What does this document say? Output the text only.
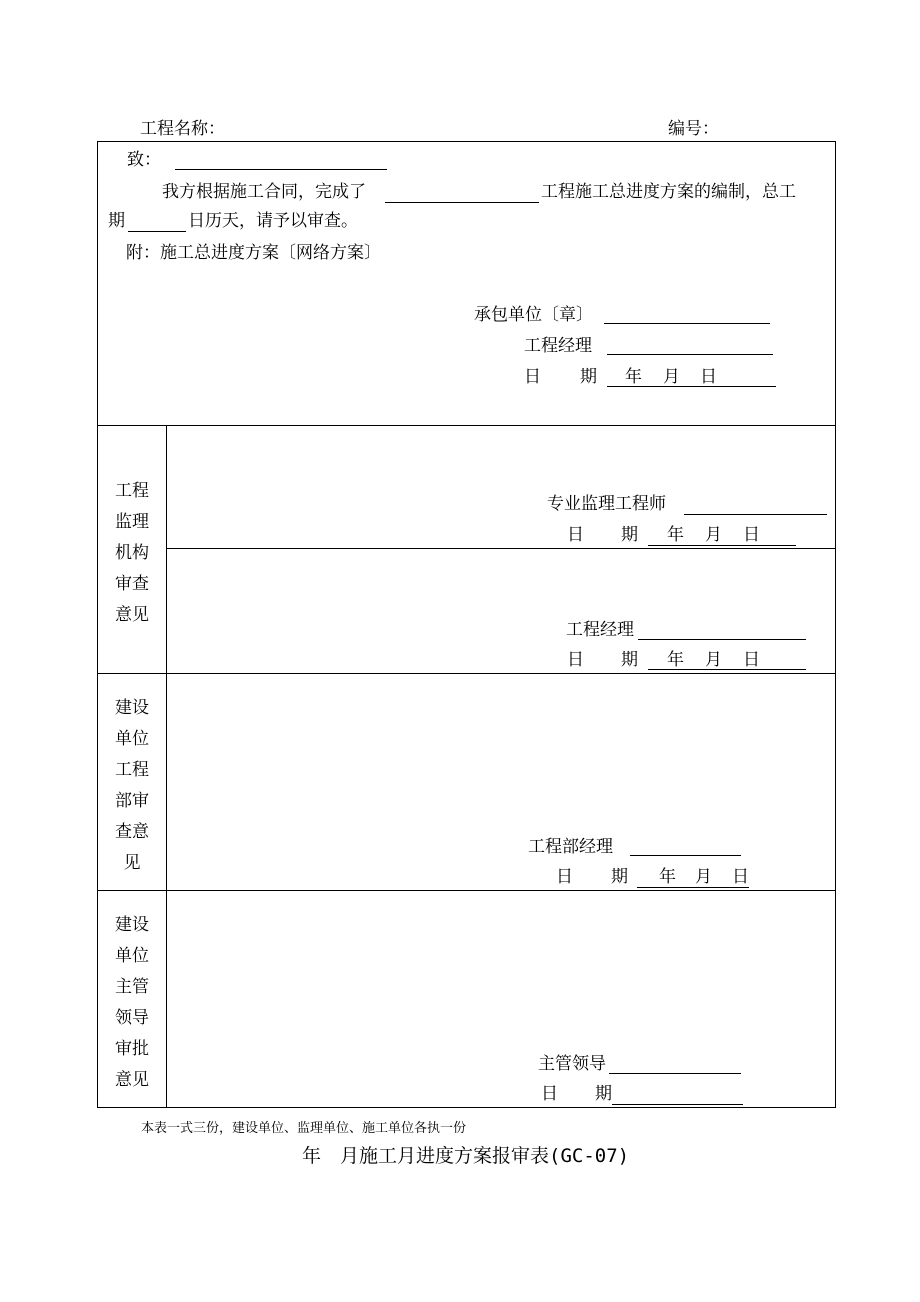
工程名称：	编号：
致：
我方根据施工合同，完成了	工程施工总进度方案的编制，总工
期	日历天，请予以审查。
附：施工总进度方案〔网络方案〕
承包单位〔章〕
工程经理
日 期 年 月 日
工程
监理
机构
审查
意见
专业监理工程师
日 期 年 月 日
工程经理
日 期 年 月 日
建设
单位
工程
部审
查意
见
工程部经理
日 期 年 月 日
建设
单位
主管
领导
审批
意见
主管领导
日 期
本表一式三份，建设单位、监理单位、施工单位各执一份
年　月施工月进度方案报审表(GC-07)
